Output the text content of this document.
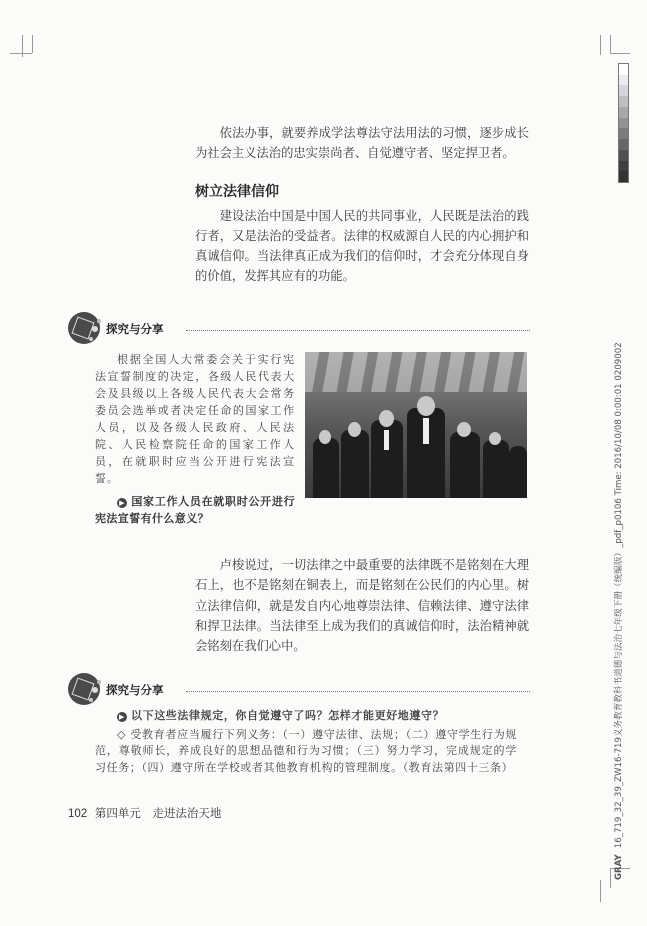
依法办事，就要养成学法尊法守法用法的习惯，逐步成长为社会主义法治的忠实崇尚者、自觉遵守者、坚定捍卫者。
树立法律信仰
建设法治中国是中国人民的共同事业，人民既是法治的践行者，又是法治的受益者。法律的权威源自人民的内心拥护和真诚信仰。当法律真正成为我们的信仰时，才会充分体现自身的价值，发挥其应有的功能。
探究与分享
根据全国人大常委会关于实行宪法宣誓制度的决定，各级人民代表大会及县级以上各级人民代表大会常务委员会选举或者决定任命的国家工作人员，以及各级人民政府、人民法院、人民检察院任命的国家工作人员，在就职时应当公开进行宪法宣誓。
▶ 国家工作人员在就职时公开进行宪法宣誓有什么意义？
卢梭说过，一切法律之中最重要的法律既不是铭刻在大理石上，也不是铭刻在铜表上，而是铭刻在公民们的内心里。树立法律信仰，就是发自内心地尊崇法律、信赖法律、遵守法律和捍卫法律。当法律至上成为我们的真诚信仰时，法治精神就会铭刻在我们心中。
探究与分享
▶ 以下这些法律规定，你自觉遵守了吗？怎样才能更好地遵守？
◇ 受教育者应当履行下列义务：（一）遵守法律、法规；（二）遵守学生行为规范，尊敬师长，养成良好的思想品德和行为习惯；（三）努力学习，完成规定的学习任务；（四）遵守所在学校或者其他教育机构的管理制度。（教育法第四十三条）
102 第四单元　走进法治天地
GRAY16_719_32_39_ZW16-719义务教育教科书道德与法治七年级下册（统编版）_pdf_p0106 Time: 2016/10/08 0:00:01 0209002
